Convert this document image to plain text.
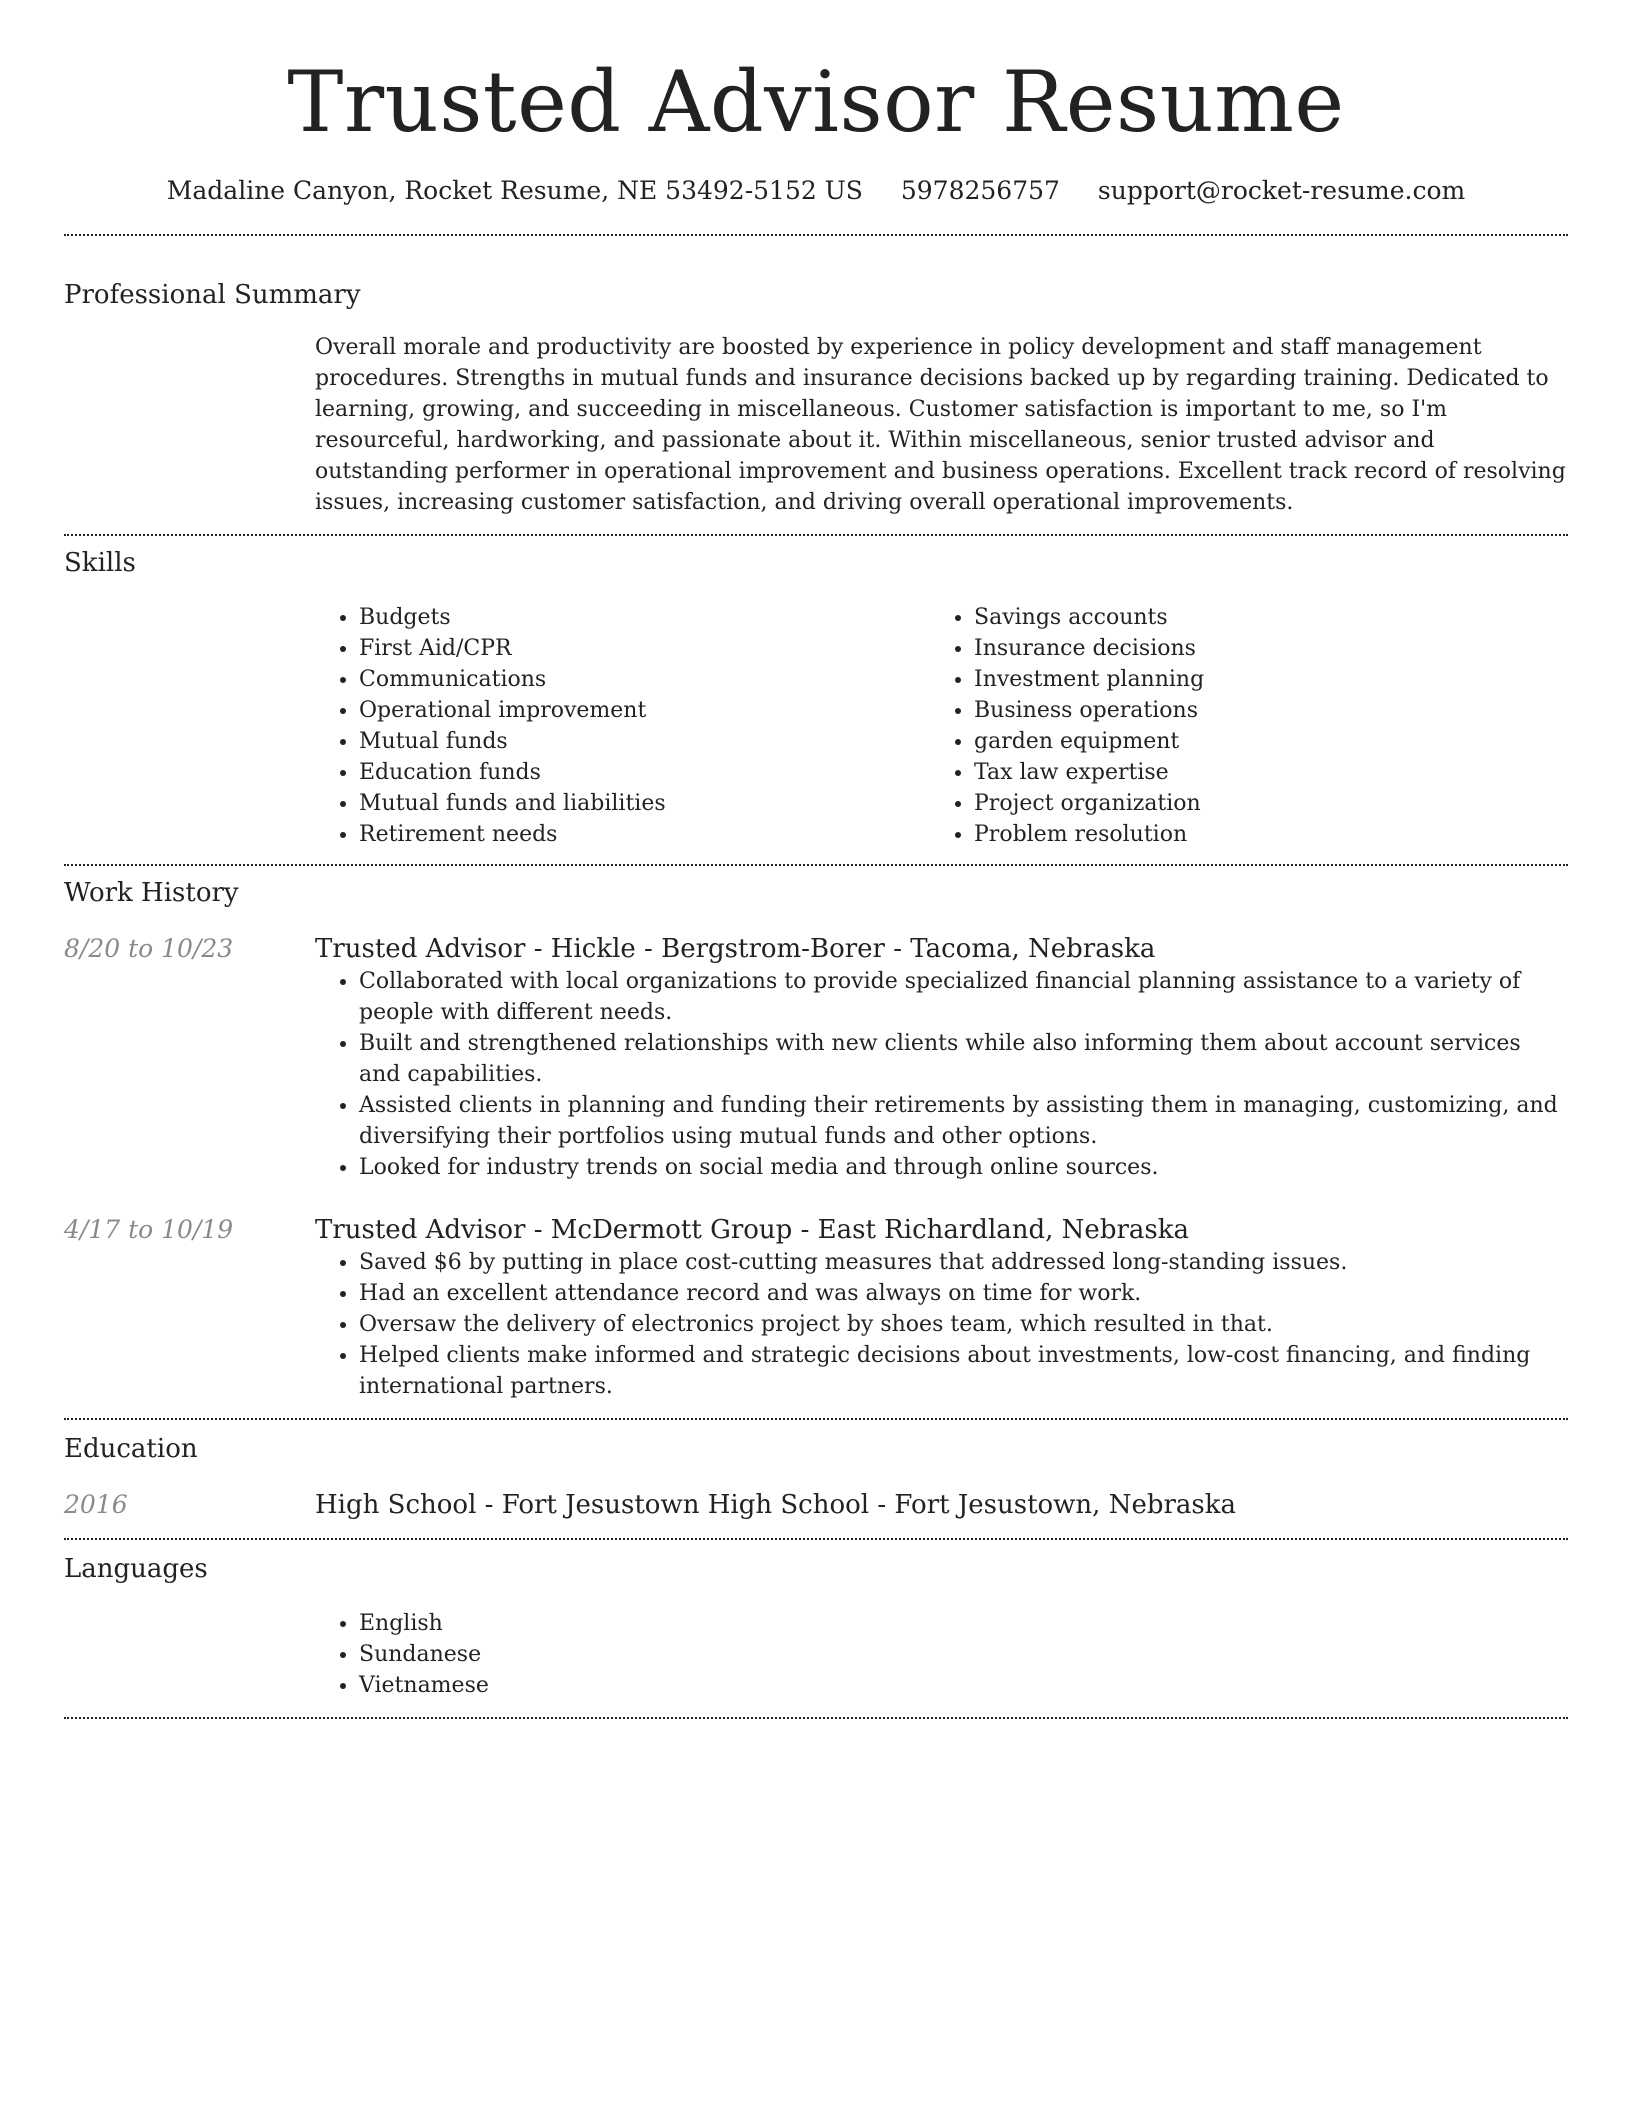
Trusted Advisor Resume
Madaline Canyon, Rocket Resume, NE 53492-5152 US 5978256757 support@rocket-resume.com
Professional Summary
Overall morale and productivity are boosted by experience in policy development and staff management procedures. Strengths in mutual funds and insurance decisions backed up by regarding training. Dedicated to learning, growing, and succeeding in miscellaneous. Customer satisfaction is important to me, so I'm resourceful, hardworking, and passionate about it. Within miscellaneous, senior trusted advisor and outstanding performer in operational improvement and business operations. Excellent track record of resolving issues, increasing customer satisfaction, and driving overall operational improvements.
Skills
• Budgets
• First Aid/CPR
• Communications
• Operational improvement
• Mutual funds
• Education funds
• Mutual funds and liabilities
• Retirement needs
• Savings accounts
• Insurance decisions
• Investment planning
• Business operations
• garden equipment
• Tax law expertise
• Project organization
• Problem resolution
Work History
8/20 to 10/23	Trusted Advisor - Hickle - Bergstrom-Borer - Tacoma, Nebraska
• Collaborated with local organizations to provide specialized financial planning assistance to a variety of people with different needs.
• Built and strengthened relationships with new clients while also informing them about account services and capabilities.
• Assisted clients in planning and funding their retirements by assisting them in managing, customizing, and diversifying their portfolios using mutual funds and other options.
• Looked for industry trends on social media and through online sources.
4/17 to 10/19	Trusted Advisor - McDermott Group - East Richardland, Nebraska
• Saved $6 by putting in place cost-cutting measures that addressed long-standing issues.
• Had an excellent attendance record and was always on time for work.
• Oversaw the delivery of electronics project by shoes team, which resulted in that.
• Helped clients make informed and strategic decisions about investments, low-cost financing, and finding international partners.
Education
2016	High School - Fort Jesustown High School - Fort Jesustown, Nebraska
Languages
• English
• Sundanese
• Vietnamese
